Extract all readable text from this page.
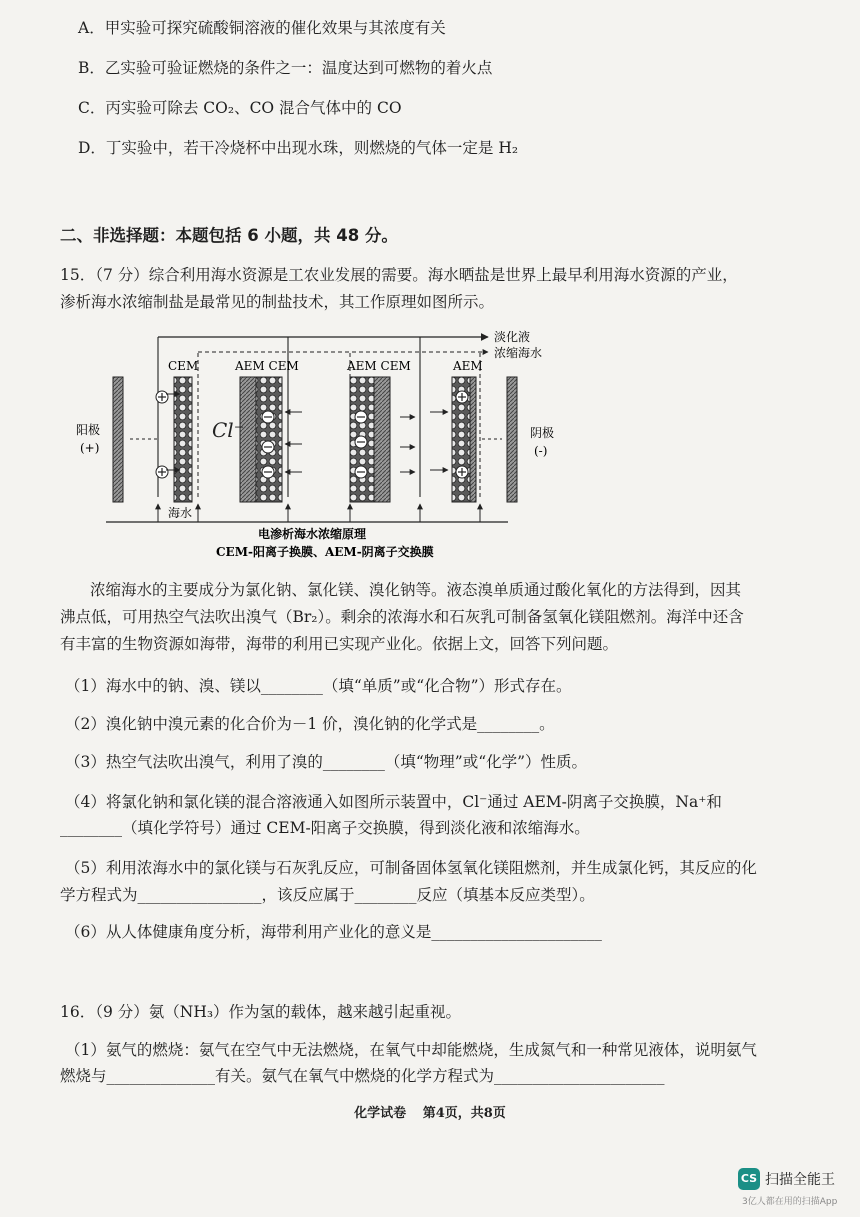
A．甲实验可探究硫酸铜溶液的催化效果与其浓度有关
B．乙实验可验证燃烧的条件之一：温度达到可燃物的着火点
C．丙实验可除去 CO₂、CO 混合气体中的 CO
D．丁实验中，若干冷烧杯中出现水珠，则燃烧的气体一定是 H₂
二、非选择题：本题包括 6 小题，共 48 分。
15．（7 分）综合利用海水资源是工农业发展的需要。海水晒盐是世界上最早利用海水资源的产业，
渗析海水浓缩制盐是最常见的制盐技术，其工作原理如图所示。
淡化液
浓缩海水
CEM	AEM CEM	AEM CEM	AEM
阳极
(+)
阴极
(-)
Cl⁻
海水
电渗析海水浓缩原理
CEM-阳离子换膜、AEM-阴离子交换膜
浓缩海水的主要成分为氯化钠、氯化镁、溴化钠等。液态溴单质通过酸化氧化的方法得到，因其
沸点低，可用热空气法吹出溴气（Br₂）。剩余的浓海水和石灰乳可制备氢氧化镁阻燃剂。海洋中还含
有丰富的生物资源如海带，海带的利用已实现产业化。依据上文，回答下列问题。
（1）海水中的钠、溴、镁以________（填“单质”或“化合物”）形式存在。
（2）溴化钠中溴元素的化合价为－1 价，溴化钠的化学式是________。
（3）热空气法吹出溴气，利用了溴的________（填“物理”或“化学”）性质。
（4）将氯化钠和氯化镁的混合溶液通入如图所示装置中，Cl⁻通过 AEM-阴离子交换膜，Na⁺和
________（填化学符号）通过 CEM-阳离子交换膜，得到淡化液和浓缩海水。
（5）利用浓海水中的氯化镁与石灰乳反应，可制备固体氢氧化镁阻燃剂，并生成氯化钙，其反应的化
学方程式为________________，该反应属于________反应（填基本反应类型）。
（6）从人体健康角度分析，海带利用产业化的意义是______________________
16．（9 分）氨（NH₃）作为氢的载体，越来越引起重视。
（1）氨气的燃烧：氨气在空气中无法燃烧，在氧气中却能燃烧，生成氮气和一种常见液体，说明氨气
燃烧与______________有关。氨气在氧气中燃烧的化学方程式为______________________
化学试卷 第4页，共8页
CS 扫描全能王
3亿人都在用的扫描App
